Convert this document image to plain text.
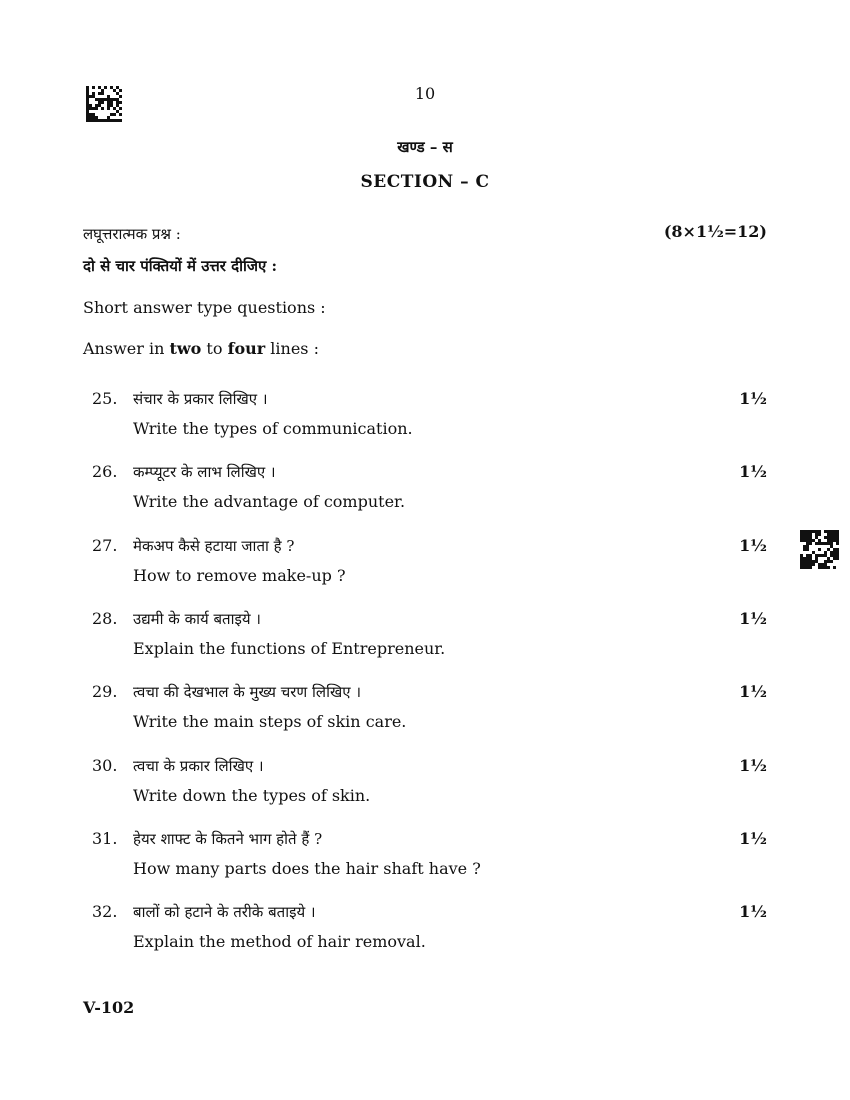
10
खण्ड – स
SECTION – C
लघूत्तरात्मक प्रश्न :	(8×1½=12)
दो से चार पंक्तियों में उत्तर दीजिए :
Short answer type questions :
Answer in two to four lines :
25. संचार के प्रकार लिखिए ।
Write the types of communication.
1½
26. कम्प्यूटर के लाभ लिखिए ।
Write the advantage of computer.
1½
27. मेकअप कैसे हटाया जाता है ?
How to remove make-up ?
1½
28. उद्यमी के कार्य बताइये ।
Explain the functions of Entrepreneur.
1½
29. त्वचा की देखभाल के मुख्य चरण लिखिए ।
Write the main steps of skin care.
1½
30. त्वचा के प्रकार लिखिए ।
Write down the types of skin.
1½
31. हेयर शाफ्ट के कितने भाग होते हैं ?
How many parts does the hair shaft have ?
1½
32. बालों को हटाने के तरीके बताइये ।
Explain the method of hair removal.
1½
V-102
